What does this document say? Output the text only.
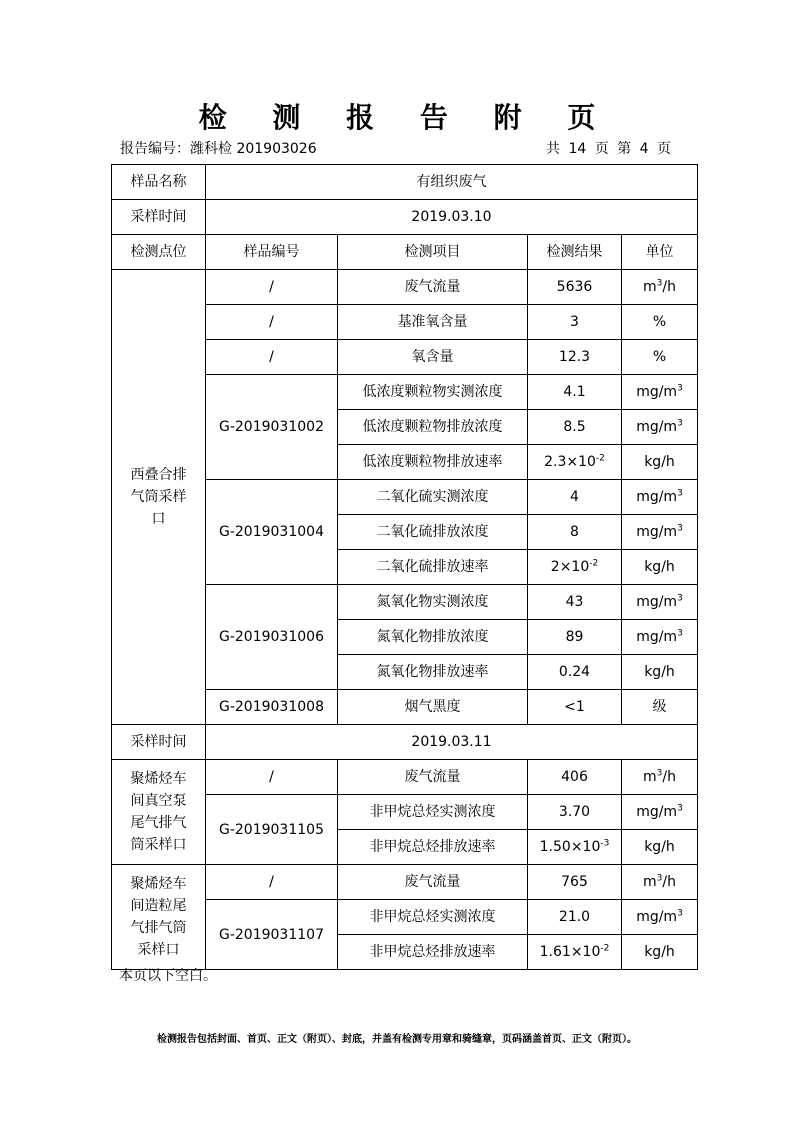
检 测 报 告 附 页
报告编号：潍科检 201903026	共 14 页 第 4 页
样品名称	有组织废气			
采样时间	2019.03.10			
检测点位	样品编号	检测项目	检测结果	单位
西叠合排气筒采样口	/	废气流量	5636	$m^3/h$
	/	基准氧含量	3	%
	/	氧含量	12.3	%
	G-2019031002	低浓度颗粒物实测浓度	4.1	$mg/m^3$
		低浓度颗粒物排放浓度	8.5	$mg/m^3$
		低浓度颗粒物排放速率	$2.3\times 10^{-2}$	kg/h
	G-2019031004	二氧化硫实测浓度	4	$mg/m^3$
		二氧化硫排放浓度	8	$mg/m^3$
		二氧化硫排放速率	$2\times 10^{-2}$	kg/h
	G-2019031006	氮氧化物实测浓度	43	$mg/m^3$
		氮氧化物排放浓度	89	$mg/m^3$
		氮氧化物排放速率	0.24	kg/h
	G-2019031008	烟气黑度	<1	级
采样时间	2019.03.11			
聚烯烃车间真空泵尾气排气筒采样口	/	废气流量	406	$m^3/h$
	G-2019031105	非甲烷总烃实测浓度	3.70	$mg/m^3$
		非甲烷总烃排放速率	$1.50\times 10^{-3}$	kg/h
聚烯烃车间造粒尾气排气筒采样口	/	废气流量	765	$m^3/h$
	G-2019031107	非甲烷总烃实测浓度	21.0	$mg/m^3$
		非甲烷总烃排放速率	$1.61\times 10^{-2}$	kg/h
本页以下空白。
检测报告包括封面、首页、正文（附页）、封底，并盖有检测专用章和骑缝章，页码涵盖首页、正文（附页）。
